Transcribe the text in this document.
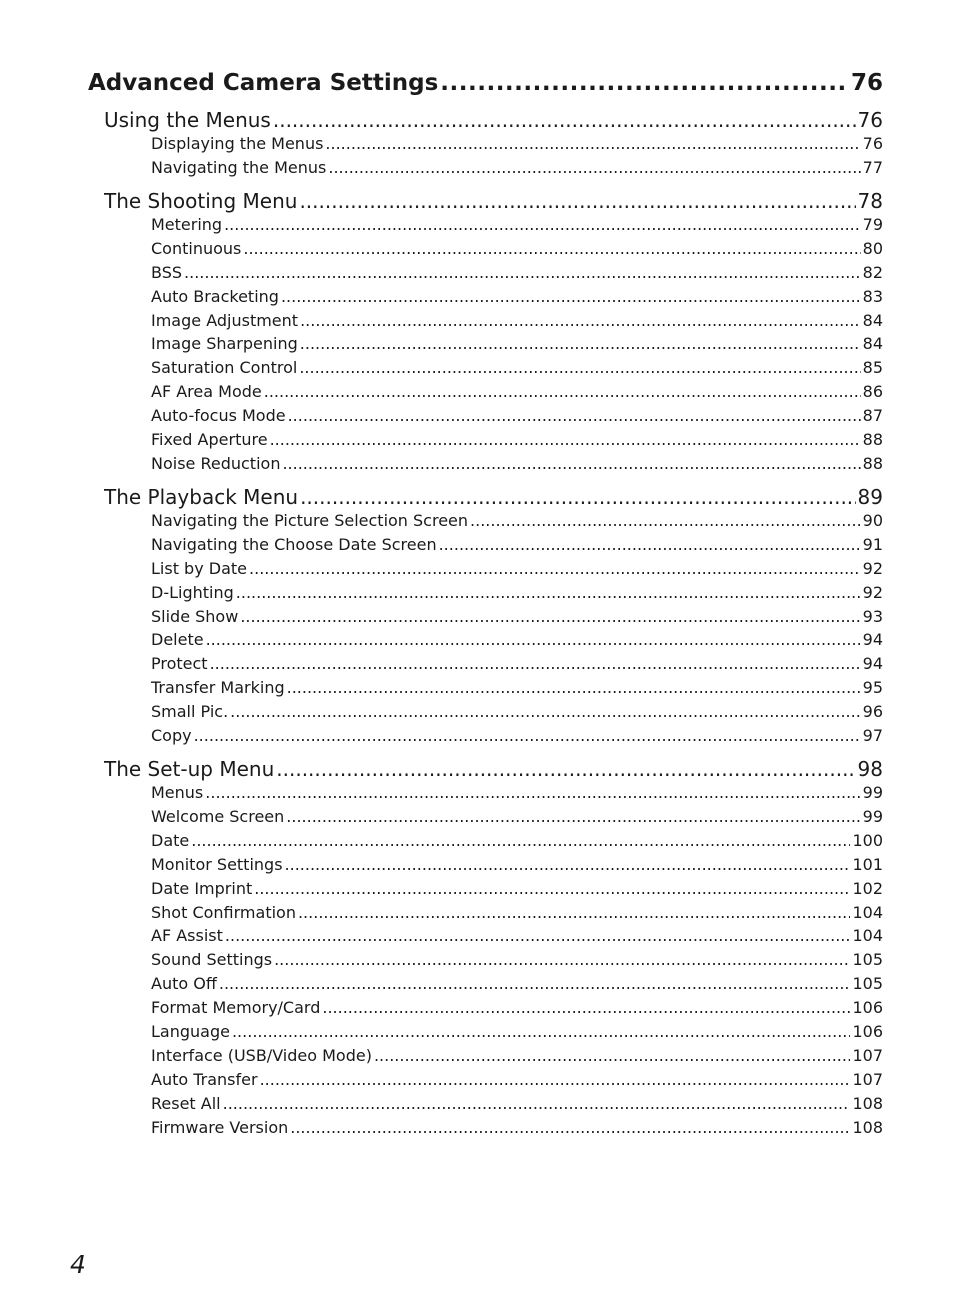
Advanced Camera Settings .....	76
Using the Menus .....	76
Displaying the Menus .....	76
Navigating the Menus .....	77
The Shooting Menu .....	78
Metering .....	79
Continuous .....	80
BSS .....	82
Auto Bracketing .....	83
Image Adjustment .....	84
Image Sharpening .....	84
Saturation Control .....	85
AF Area Mode .....	86
Auto-focus Mode .....	87
Fixed Aperture .....	88
Noise Reduction .....	88
The Playback Menu .....	89
Navigating the Picture Selection Screen .....	90
Navigating the Choose Date Screen .....	91
List by Date .....	92
D-Lighting .....	92
Slide Show .....	93
Delete .....	94
Protect .....	94
Transfer Marking .....	95
Small Pic. .....	96
Copy .....	97
The Set-up Menu .....	98
Menus .....	99
Welcome Screen .....	99
Date .....	100
Monitor Settings .....	101
Date Imprint .....	102
Shot Confirmation .....	104
AF Assist .....	104
Sound Settings .....	105
Auto Off .....	105
Format Memory/Card .....	106
Language .....	106
Interface (USB/Video Mode) .....	107
Auto Transfer .....	107
Reset All .....	108
Firmware Version .....	108
4
